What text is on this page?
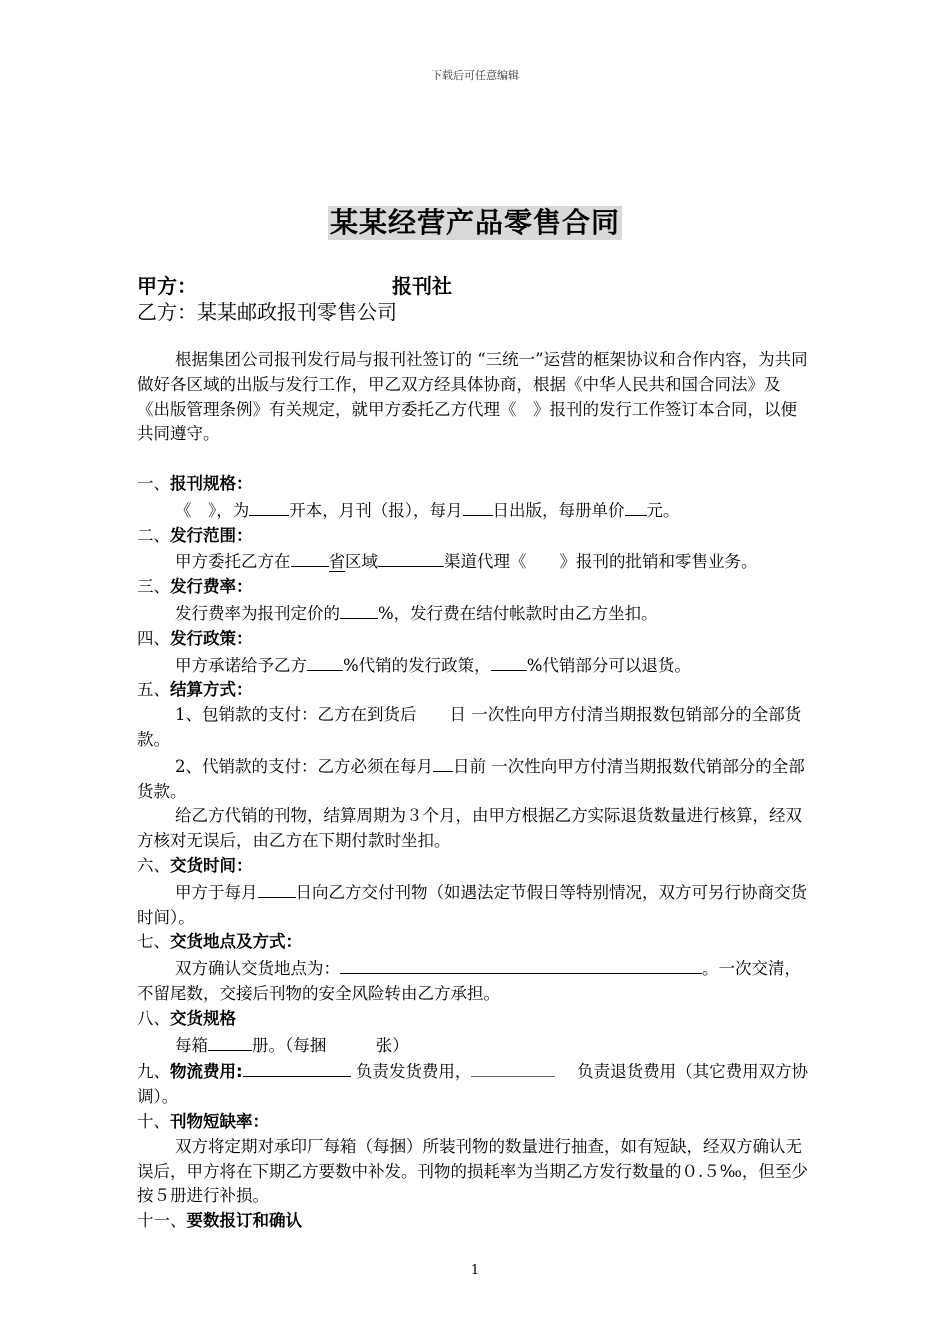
下载后可任意编辑
某某经营产品零售合同
甲方：	报刊社
乙方：某某邮政报刊零售公司

根据集团公司报刊发行局与报刊社签订的 “三统一”运营的框架协议和合作内容，为共同做好各区域的出版与发行工作，甲乙双方经具体协商，根据《中华人民共和国合同法》及《出版管理条例》有关规定，就甲方委托乙方代理《　》报刊的发行工作签订本合同，以便共同遵守。

一、报刊规格：

《　》，为 开本，月刊（报），每月 日出版，每册单价 元。

二、发行范围：

甲方委托乙方在 省区域	渠道代理《　　》报刊的批销和零售业务。

三、发行费率：

发行费率为报刊定价的 %，发行费在结付帐款时由乙方坐扣。

四、发行政策：

甲方承诺给予乙方 %代销的发行政策， %代销部分可以退货。

五、结算方式：

1、包销款的支付：乙方在到货后　　日 一次性向甲方付清当期报数包销部分的全部货款。

2、代销款的支付：乙方必须在每月 日前 一次性向甲方付清当期报数代销部分的全部货款。

给乙方代销的刊物，结算周期为３个月，由甲方根据乙方实际退货数量进行核算，经双方核对无误后，由乙方在下期付款时坐扣。

六、交货时间：

甲方于每月 日向乙方交付刊物（如遇法定节假日等特别情况，双方可另行协商交货时间）。

七、交货地点及方式：

双方确认交货地点为：	。一次交清，不留尾数，交接后刊物的安全风险转由乙方承担。

八、交货规格

每箱	册。（每捆　　　张）

九、物流费用:	负责发货费用，	　 负责退货费用（其它费用双方协调）。

十、刊物短缺率：

双方将定期对承印厂每箱（每捆）所装刊物的数量进行抽查，如有短缺，经双方确认无误后，甲方将在下期乙方要数中补发。刊物的损耗率为当期乙方发行数量的０.５‰，但至少按５册进行补损。

十一、要数报订和确认

1
